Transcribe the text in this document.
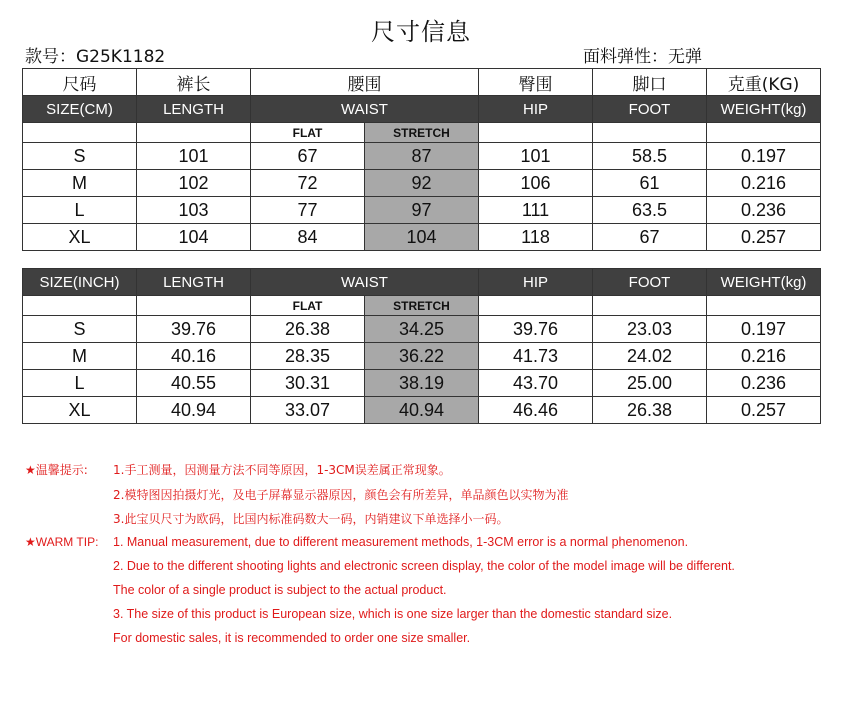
尺寸信息
款号：G25K1182	面料弹性：无弹
尺码	裤长	腰围		臀围	脚口	克重(KG)
SIZE(CM)	LENGTH	WAIST		HIP	FOOT	WEIGHT(kg)
		FLAT	STRETCH			
S	101	67	87	101	58.5	0.197
M	102	72	92	106	61	0.216
L	103	77	97	111	63.5	0.236
XL	104	84	104	118	67	0.257
SIZE(INCH)	LENGTH	WAIST		HIP	FOOT	WEIGHT(kg)
		FLAT	STRETCH			
S	39.76	26.38	34.25	39.76	23.03	0.197
M	40.16	28.35	36.22	41.73	24.02	0.216
L	40.55	30.31	38.19	43.70	25.00	0.236
XL	40.94	33.07	40.94	46.46	26.38	0.257
★温馨提示: 1.手工测量，因测量方法不同等原因，1-3CM误差属正常现象。
2.模特图因拍摄灯光，及电子屏幕显示器原因，颜色会有所差异，单品颜色以实物为准
3.此宝贝尺寸为欧码，比国内标准码数大一码，内销建议下单选择小一码。
★WARM TIP: 1. Manual measurement, due to different measurement methods, 1-3CM error is a normal phenomenon.
2. Due to the different shooting lights and electronic screen display, the color of the model image will be different.
The color of a single product is subject to the actual product.
3. The size of this product is European size, which is one size larger than the domestic standard size.
For domestic sales, it is recommended to order one size smaller.
